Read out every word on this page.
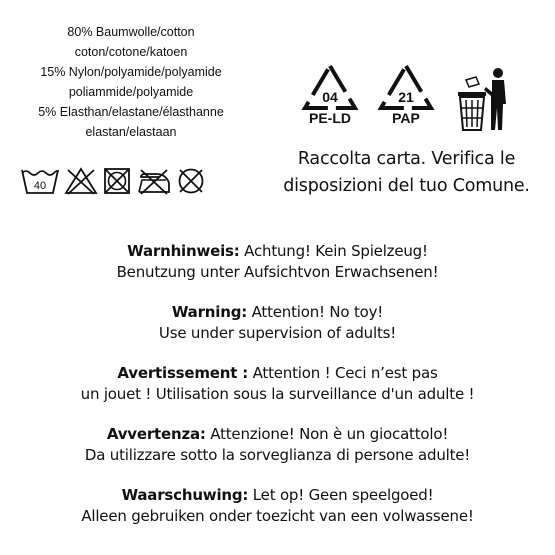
80% Baumwolle/cotton
coton/cotone/katoen
15% Nylon/polyamide/polyamide
poliammide/polyamide
5% Elasthan/elastane/élasthanne
elastan/elastaan
40
04
PE-LD
21
PAP
Raccolta carta. Verifica le
disposizioni del tuo Comune.
Warnhinweis: Achtung! Kein Spielzeug!
Benutzung unter Aufsichtvon Erwachsenen!
Warning: Attention! No toy!
Use under supervision of adults!
Avertissement : Attention ! Ceci n’est pas
un jouet ! Utilisation sous la surveillance d'un adulte !
Avvertenza: Attenzione! Non è un giocattolo!
Da utilizzare sotto la sorveglianza di persone adulte!
Waarschuwing: Let op! Geen speelgoed!
Alleen gebruiken onder toezicht van een volwassene!
